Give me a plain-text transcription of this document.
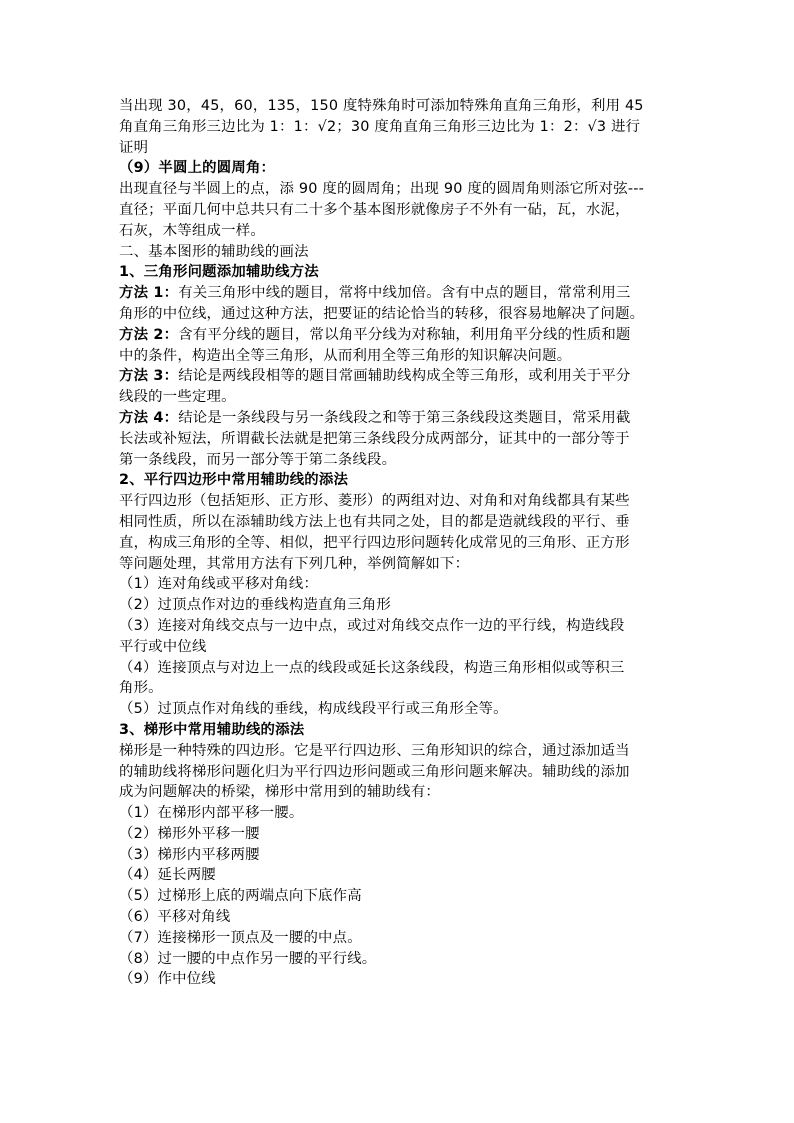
当出现 30，45，60，135，150 度特殊角时可添加特殊角直角三角形，利用 45
角直角三角形三边比为 1：1：√2；30 度角直角三角形三边比为 1：2：√3 进行
证明
（9）半圆上的圆周角：
出现直径与半圆上的点，添 90 度的圆周角；出现 90 度的圆周角则添它所对弦---
直径；平面几何中总共只有二十多个基本图形就像房子不外有一砧，瓦，水泥，
石灰，木等组成一样。
二、基本图形的辅助线的画法
1、三角形问题添加辅助线方法
方法 1：有关三角形中线的题目，常将中线加倍。含有中点的题目，常常利用三
角形的中位线，通过这种方法，把要证的结论恰当的转移，很容易地解决了问题。
方法 2：含有平分线的题目，常以角平分线为对称轴，利用角平分线的性质和题
中的条件，构造出全等三角形，从而利用全等三角形的知识解决问题。
方法 3：结论是两线段相等的题目常画辅助线构成全等三角形，或利用关于平分
线段的一些定理。
方法 4：结论是一条线段与另一条线段之和等于第三条线段这类题目，常采用截
长法或补短法，所谓截长法就是把第三条线段分成两部分，证其中的一部分等于
第一条线段，而另一部分等于第二条线段。
2、平行四边形中常用辅助线的添法
平行四边形（包括矩形、正方形、菱形）的两组对边、对角和对角线都具有某些
相同性质，所以在添辅助线方法上也有共同之处，目的都是造就线段的平行、垂
直，构成三角形的全等、相似，把平行四边形问题转化成常见的三角形、正方形
等问题处理，其常用方法有下列几种，举例简解如下：
（1）连对角线或平移对角线：
（2）过顶点作对边的垂线构造直角三角形
（3）连接对角线交点与一边中点，或过对角线交点作一边的平行线，构造线段
平行或中位线
（4）连接顶点与对边上一点的线段或延长这条线段，构造三角形相似或等积三
角形。
（5）过顶点作对角线的垂线，构成线段平行或三角形全等。
3、梯形中常用辅助线的添法
梯形是一种特殊的四边形。它是平行四边形、三角形知识的综合，通过添加适当
的辅助线将梯形问题化归为平行四边形问题或三角形问题来解决。辅助线的添加
成为问题解决的桥梁，梯形中常用到的辅助线有：
（1）在梯形内部平移一腰。
（2）梯形外平移一腰
（3）梯形内平移两腰
（4）延长两腰
（5）过梯形上底的两端点向下底作高
（6）平移对角线
（7）连接梯形一顶点及一腰的中点。
（8）过一腰的中点作另一腰的平行线。
（9）作中位线
